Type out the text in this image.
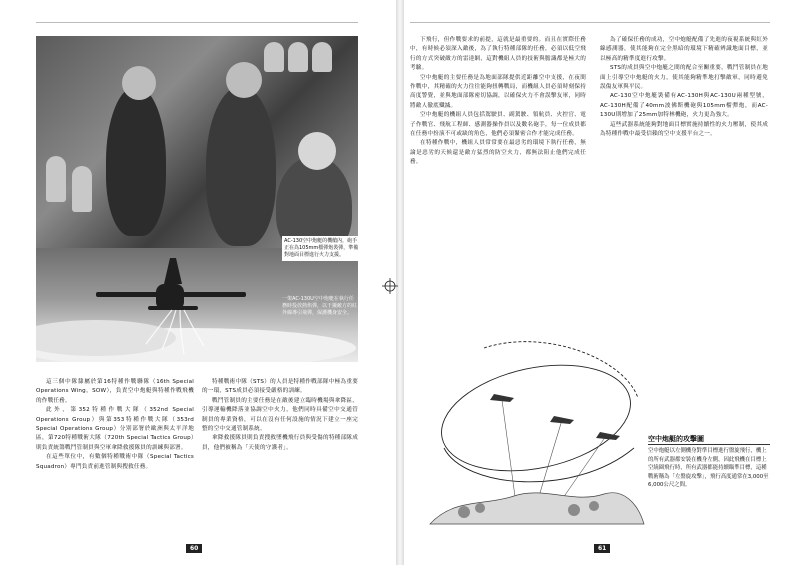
AC-130空中炮艇的機艙內，砲手正在為105mm榴彈炮裝彈，準備對地面目標進行火力支援。
一架AC-130U空中炮艇在執行任務時投放熱焰彈，以干擾敵方的紅外線導引飛彈，保護機身安全。

這三個中隊隸屬於第16特種作戰聯隊（16th Special Operations Wing，SOW），負責空中炮艇與特種作戰飛機的作戰任務。

此外，第352特種作戰大隊（352nd Special Operations Group）與第353特種作戰大隊（353rd Special Operations Group）分別部署於歐洲與太平洋地區，第720特種戰術大隊（720th Special Tactics Group）則負責統籌戰鬥管制員與空軍傘降救援隊員的訓練與部署。

在這些單位中，有數個特種戰術中隊（Special Tactics Squadron）專門負責前進管制與搜救任務。

特種戰術中隊（STS）的人員是特種作戰部隊中極為重要的一環，STS成員必須接受嚴格的訓練。

戰鬥管制員的主要任務是在敵後建立臨時機場與傘降區，引導運輸機降落並協調空中火力，他們同時具備空中交通管制員的專業資格，可以在沒有任何設施的情況下建立一座完整的空中交通管制系統。

傘降救援隊員則負責搜救墜機飛行員與受傷的特種部隊成員，他們被稱為「天使的守護者」。

60

下飛行，但作戰要求的前提，這就是最重要的。而且在實際任務中，有時候必須深入敵後，為了執行特種部隊的任務，必須以低空飛行的方式突破敵方的雷達網，這對機組人員的技術與膽識都是極大的考驗。

空中炮艇的主要任務是為地面部隊提供近距離空中支援，在夜間作戰中，其精確的火力往往能夠扭轉戰局，而機組人員必須時刻保持高度警覺，並與地面部隊密切協調，以確保火力不會誤擊友軍，同時將敵人徹底殲滅。

空中炮艇的機組人員包括駕駛員、副駕駛、領航員、火控官、電子作戰官、飛航工程師、感測器操作員以及數名砲手，每一位成員都在任務中扮演不可或缺的角色，他們必須緊密合作才能完成任務。

在特種作戰中，機組人員常常要在最惡劣的環境下執行任務，無論是惡劣的天候還是敵方猛烈的防空火力，都無法阻止他們完成任務。

為了確保任務的成功，空中炮艇配備了先進的夜視系統與紅外線感測器，使其能夠在完全黑暗的環境下精確辨識地面目標，並以極高的精準度進行攻擊。

STS的成員與空中炮艇之間的配合至關重要，戰鬥管制員在地面上引導空中炮艇的火力，使其能夠精準地打擊敵軍，同時避免誤傷友軍與平民。

AC-130空中炮艇裝備有AC-130H與AC-130U兩種型號，AC-130H配備了40mm波佛斯機砲與105mm榴彈炮，而AC-130U則增加了25mm加特林機砲，火力更為強大。

這些武器系統能夠對地面目標實施持續性的火力壓制，使其成為特種作戰中最受信賴的空中支援平台之一。

空中炮艇的攻擊圖
空中炮艇以左側機身對準目標進行盤旋飛行，機上的所有武器都安裝在機身左側，因此飛機在目標上空繞圈飛行時，所有武器都能持續瞄準目標，這種戰術稱為「左盤旋攻擊」，飛行高度通常在3,000至6,000公尺之間。
61
